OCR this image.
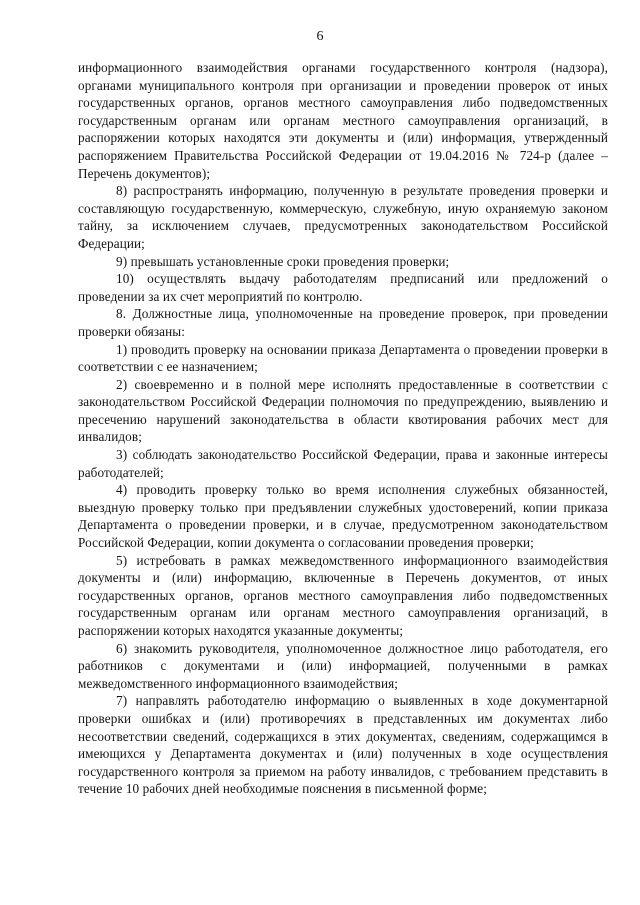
6

информационного взаимодействия органами государственного контроля (надзора), органами муниципального контроля при организации и проведении проверок от иных государственных органов, органов местного самоуправления либо подведомственных государственным органам или органам местного самоуправления организаций, в распоряжении которых находятся эти документы и (или) информация, утвержденный распоряжением Правительства Российской Федерации от 19.04.2016 № 724-р (далее – Перечень документов);

8) распространять информацию, полученную в результате проведения проверки и составляющую государственную, коммерческую, служебную, иную охраняемую законом тайну, за исключением случаев, предусмотренных законодательством Российской Федерации;

9) превышать установленные сроки проведения проверки;

10) осуществлять выдачу работодателям предписаний или предложений о проведении за их счет мероприятий по контролю.

8. Должностные лица, уполномоченные на проведение проверок, при проведении проверки обязаны:

1) проводить проверку на основании приказа Департамента о проведении проверки в соответствии с ее назначением;

2) своевременно и в полной мере исполнять предоставленные в соответствии с законодательством Российской Федерации полномочия по предупреждению, выявлению и пресечению нарушений законодательства в области квотирования рабочих мест для инвалидов;

3) соблюдать законодательство Российской Федерации, права и законные интересы работодателей;

4) проводить проверку только во время исполнения служебных обязанностей, выездную проверку только при предъявлении служебных удостоверений, копии приказа Департамента о проведении проверки, и в случае, предусмотренном законодательством Российской Федерации, копии документа о согласовании проведения проверки;

5) истребовать в рамках межведомственного информационного взаимодействия документы и (или) информацию, включенные в Перечень документов, от иных государственных органов, органов местного самоуправления либо подведомственных государственным органам или органам местного самоуправления организаций, в распоряжении которых находятся указанные документы;

6) знакомить руководителя, уполномоченное должностное лицо работодателя, его работников с документами и (или) информацией, полученными в рамках межведомственного информационного взаимодействия;

7) направлять работодателю информацию о выявленных в ходе документарной проверки ошибках и (или) противоречиях в представленных им документах либо несоответствии сведений, содержащихся в этих документах, сведениям, содержащимся в имеющихся у Департамента документах и (или) полученных в ходе осуществления государственного контроля за приемом на работу инвалидов, с требованием представить в течение 10 рабочих дней необходимые пояснения в письменной форме;
